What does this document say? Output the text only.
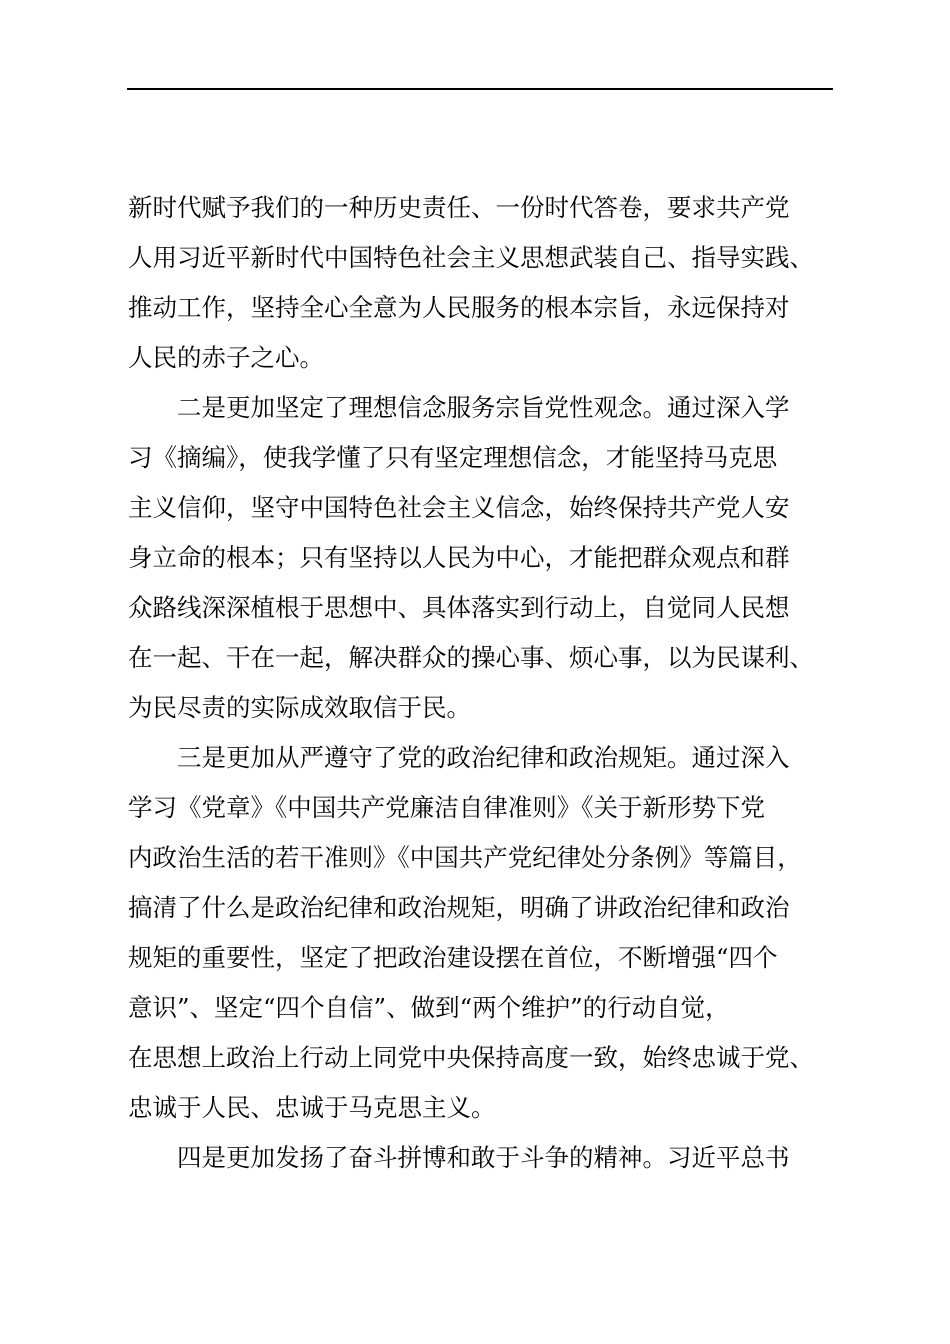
新时代赋予我们的一种历史责任、一份时代答卷，要求共产党
人用习近平新时代中国特色社会主义思想武装自己、指导实践、
推动工作，坚持全心全意为人民服务的根本宗旨，永远保持对
人民的赤子之心。
　　二是更加坚定了理想信念服务宗旨党性观念。通过深入学
习《摘编》，使我学懂了只有坚定理想信念，才能坚持马克思
主义信仰，坚守中国特色社会主义信念，始终保持共产党人安
身立命的根本；只有坚持以人民为中心，才能把群众观点和群
众路线深深植根于思想中、具体落实到行动上，自觉同人民想
在一起、干在一起，解决群众的操心事、烦心事，以为民谋利、
为民尽责的实际成效取信于民。
　　三是更加从严遵守了党的政治纪律和政治规矩。通过深入
学习《党章》《中国共产党廉洁自律准则》《关于新形势下党
内政治生活的若干准则》《中国共产党纪律处分条例》等篇目，
搞清了什么是政治纪律和政治规矩，明确了讲政治纪律和政治
规矩的重要性，坚定了把政治建设摆在首位，不断增强“四个
意识”、坚定“四个自信”、做到“两个维护”的行动自觉，
在思想上政治上行动上同党中央保持高度一致，始终忠诚于党、
忠诚于人民、忠诚于马克思主义。
　　四是更加发扬了奋斗拼博和敢于斗争的精神。习近平总书
